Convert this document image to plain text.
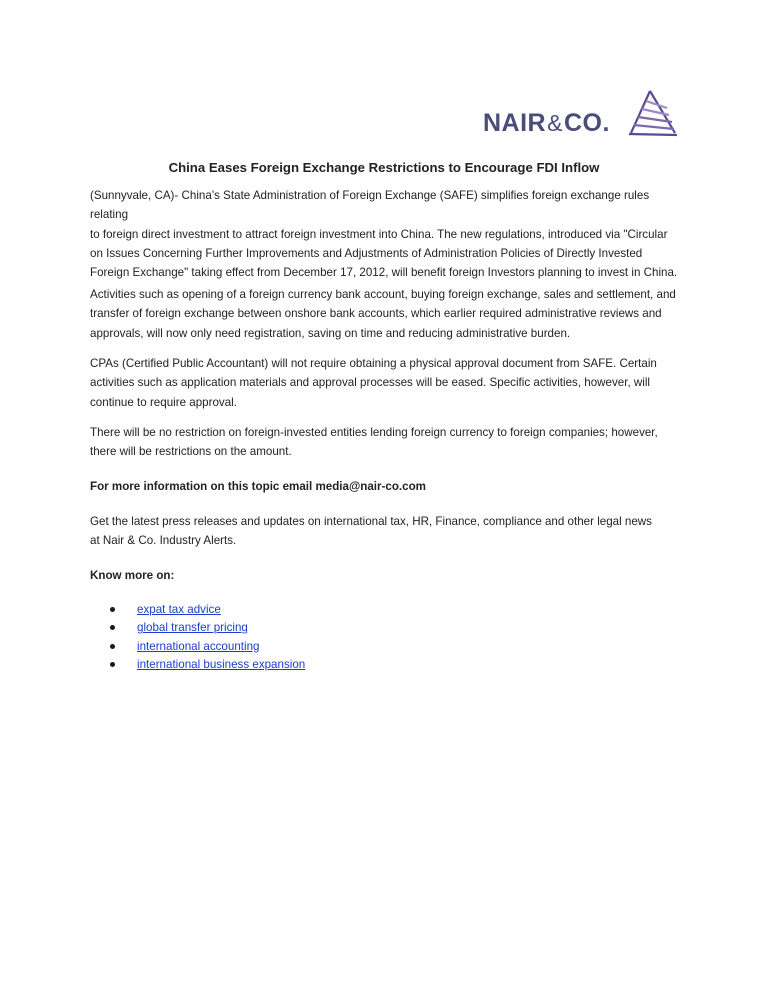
NAIR&CO.
China Eases Foreign Exchange Restrictions to Encourage FDI Inflow

(Sunnyvale, CA)- China’s State Administration of Foreign Exchange (SAFE) simplifies foreign exchange rules relating
to foreign direct investment to attract foreign investment into China. The new regulations, introduced via "Circular
on Issues Concerning Further Improvements and Adjustments of Administration Policies of Directly Invested
Foreign Exchange" taking effect from December 17, 2012, will benefit foreign Investors planning to invest in China.

Activities such as opening of a foreign currency bank account, buying foreign exchange, sales and settlement, and
transfer of foreign exchange between onshore bank accounts, which earlier required administrative reviews and
approvals, will now only need registration, saving on time and reducing administrative burden.

CPAs (Certified Public Accountant) will not require obtaining a physical approval document from SAFE. Certain
activities such as application materials and approval processes will be eased. Specific activities, however, will
continue to require approval.

There will be no restriction on foreign-invested entities lending foreign currency to foreign companies; however,
there will be restrictions on the amount.

For more information on this topic email media@nair-co.com

Get the latest press releases and updates on international tax, HR, Finance, compliance and other legal news
at Nair & Co. Industry Alerts.

Know more on:

expat tax advice
global transfer pricing
international accounting
international business expansion
